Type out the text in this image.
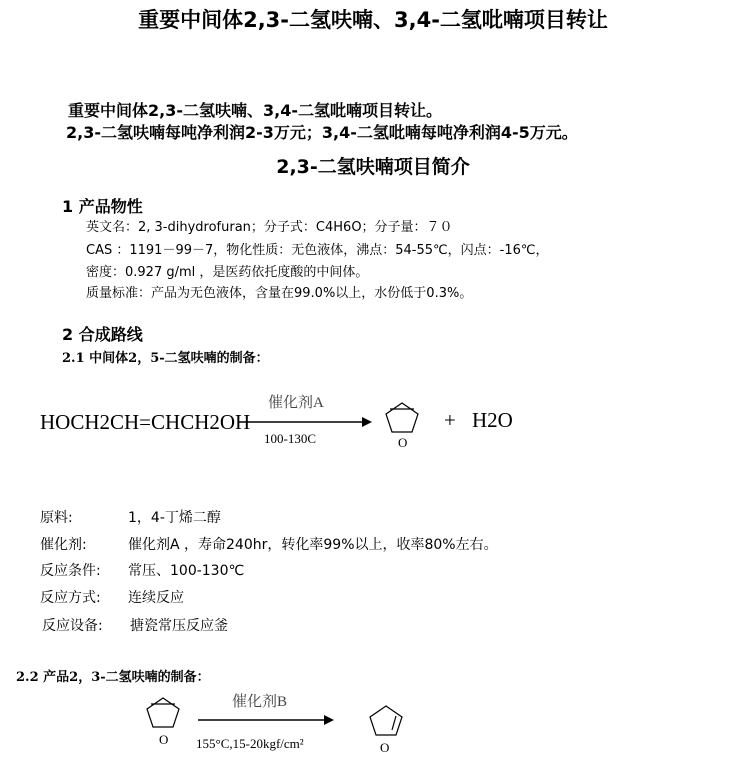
重要中间体2,3-二氢呋喃、3,4-二氢吡喃项目转让
重要中间体2,3-二氢呋喃、3,4-二氢吡喃项目转让。
2,3-二氢呋喃每吨净利润2-3万元；3,4-二氢吡喃每吨净利润4-5万元。
2,3-二氢呋喃项目简介
1 产品物性
英文名：2, 3-dihydrofuran；分子式：C4H6O；分子量：７０
CAS ：1191－99－7，物化性质：无色液体，沸点：54-55℃，闪点：-16℃，
密度：0.927 g/ml ，是医药依托度酸的中间体。
质量标准：产品为无色液体，含量在99.0%以上，水份低于0.3%。
2 合成路线
2.1 中间体2，5-二氢呋喃的制备：
HOCH2CH=CHCH2OH
催化剂A
100-130C	O
+ H2O
原料:	1，4-丁烯二醇
催化剂:	催化剂A ，寿命240hr，转化率99%以上，收率80%左右。
反应条件: 常压、100-130℃
反应方式: 连续反应
反应设备: 搪瓷常压反应釜
2.2 产品2，3-二氢呋喃的制备：
O
催化剂B
155°C,15-20kgf/cm²	O
